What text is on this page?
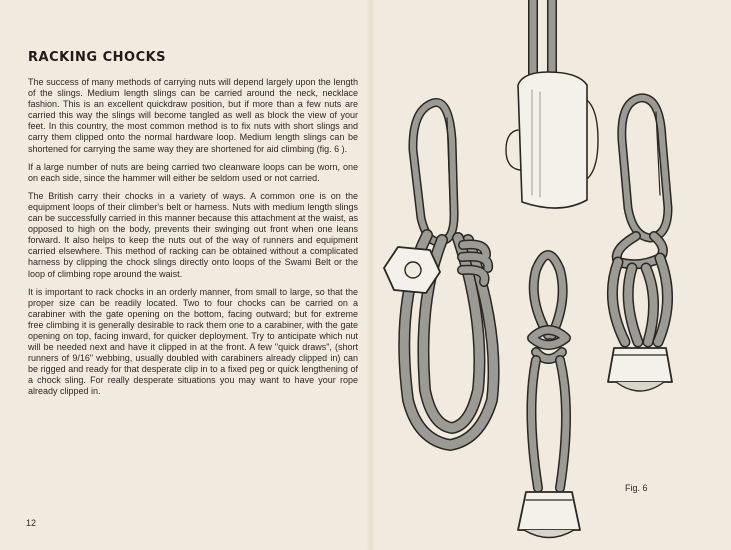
RACKING CHOCKS

The success of many methods of carrying nuts will depend largely upon the length of the slings. Medium length slings can be carried around the neck, necklace fashion. This is an excellent quickdraw position, but if more than a few nuts are carried this way the slings will become tangled as well as block the view of your feet. In this country, the most common method is to fix nuts with short slings and carry them clipped onto the normal hardware loop. Medium length slings can be shortened for carrying the same way they are shortened for aid climbing (fig. 6 ).

If a large number of nuts are being carried two cleanware loops can be worn, one on each side, since the hammer will either be seldom used or not carried.

The British carry their chocks in a variety of ways. A common one is on the equipment loops of their climber's belt or harness. Nuts with medium length slings can be successfully carried in this manner because this attachment at the waist, as opposed to high on the body, prevents their swinging out front when one leans forward. It also helps to keep the nuts out of the way of runners and equipment carried elsewhere. This method of racking can be obtained without a complicated harness by clipping the chock slings directly onto loops of the Swami Belt or the loop of climbing rope around the waist.

It is important to rack chocks in an orderly manner, from small to large, so that the proper size can be readily located. Two to four chocks can be carried on a carabiner with the gate opening on the bottom, facing outward; but for extreme free climbing it is generally desirable to rack them one to a carabiner, with the gate opening on top, facing inward, for quicker deployment. Try to anticipate which nut will be needed next and have it clipped in at the front. A few "quick draws", (short runners of 9/16" webbing, usually doubled with carabiners already clipped in) can be rigged and ready for that desperate clip in to a fixed peg or quick lengthening of a chock sling. For really desperate situations you may want to have your rope already clipped in.

12
Fig. 6
